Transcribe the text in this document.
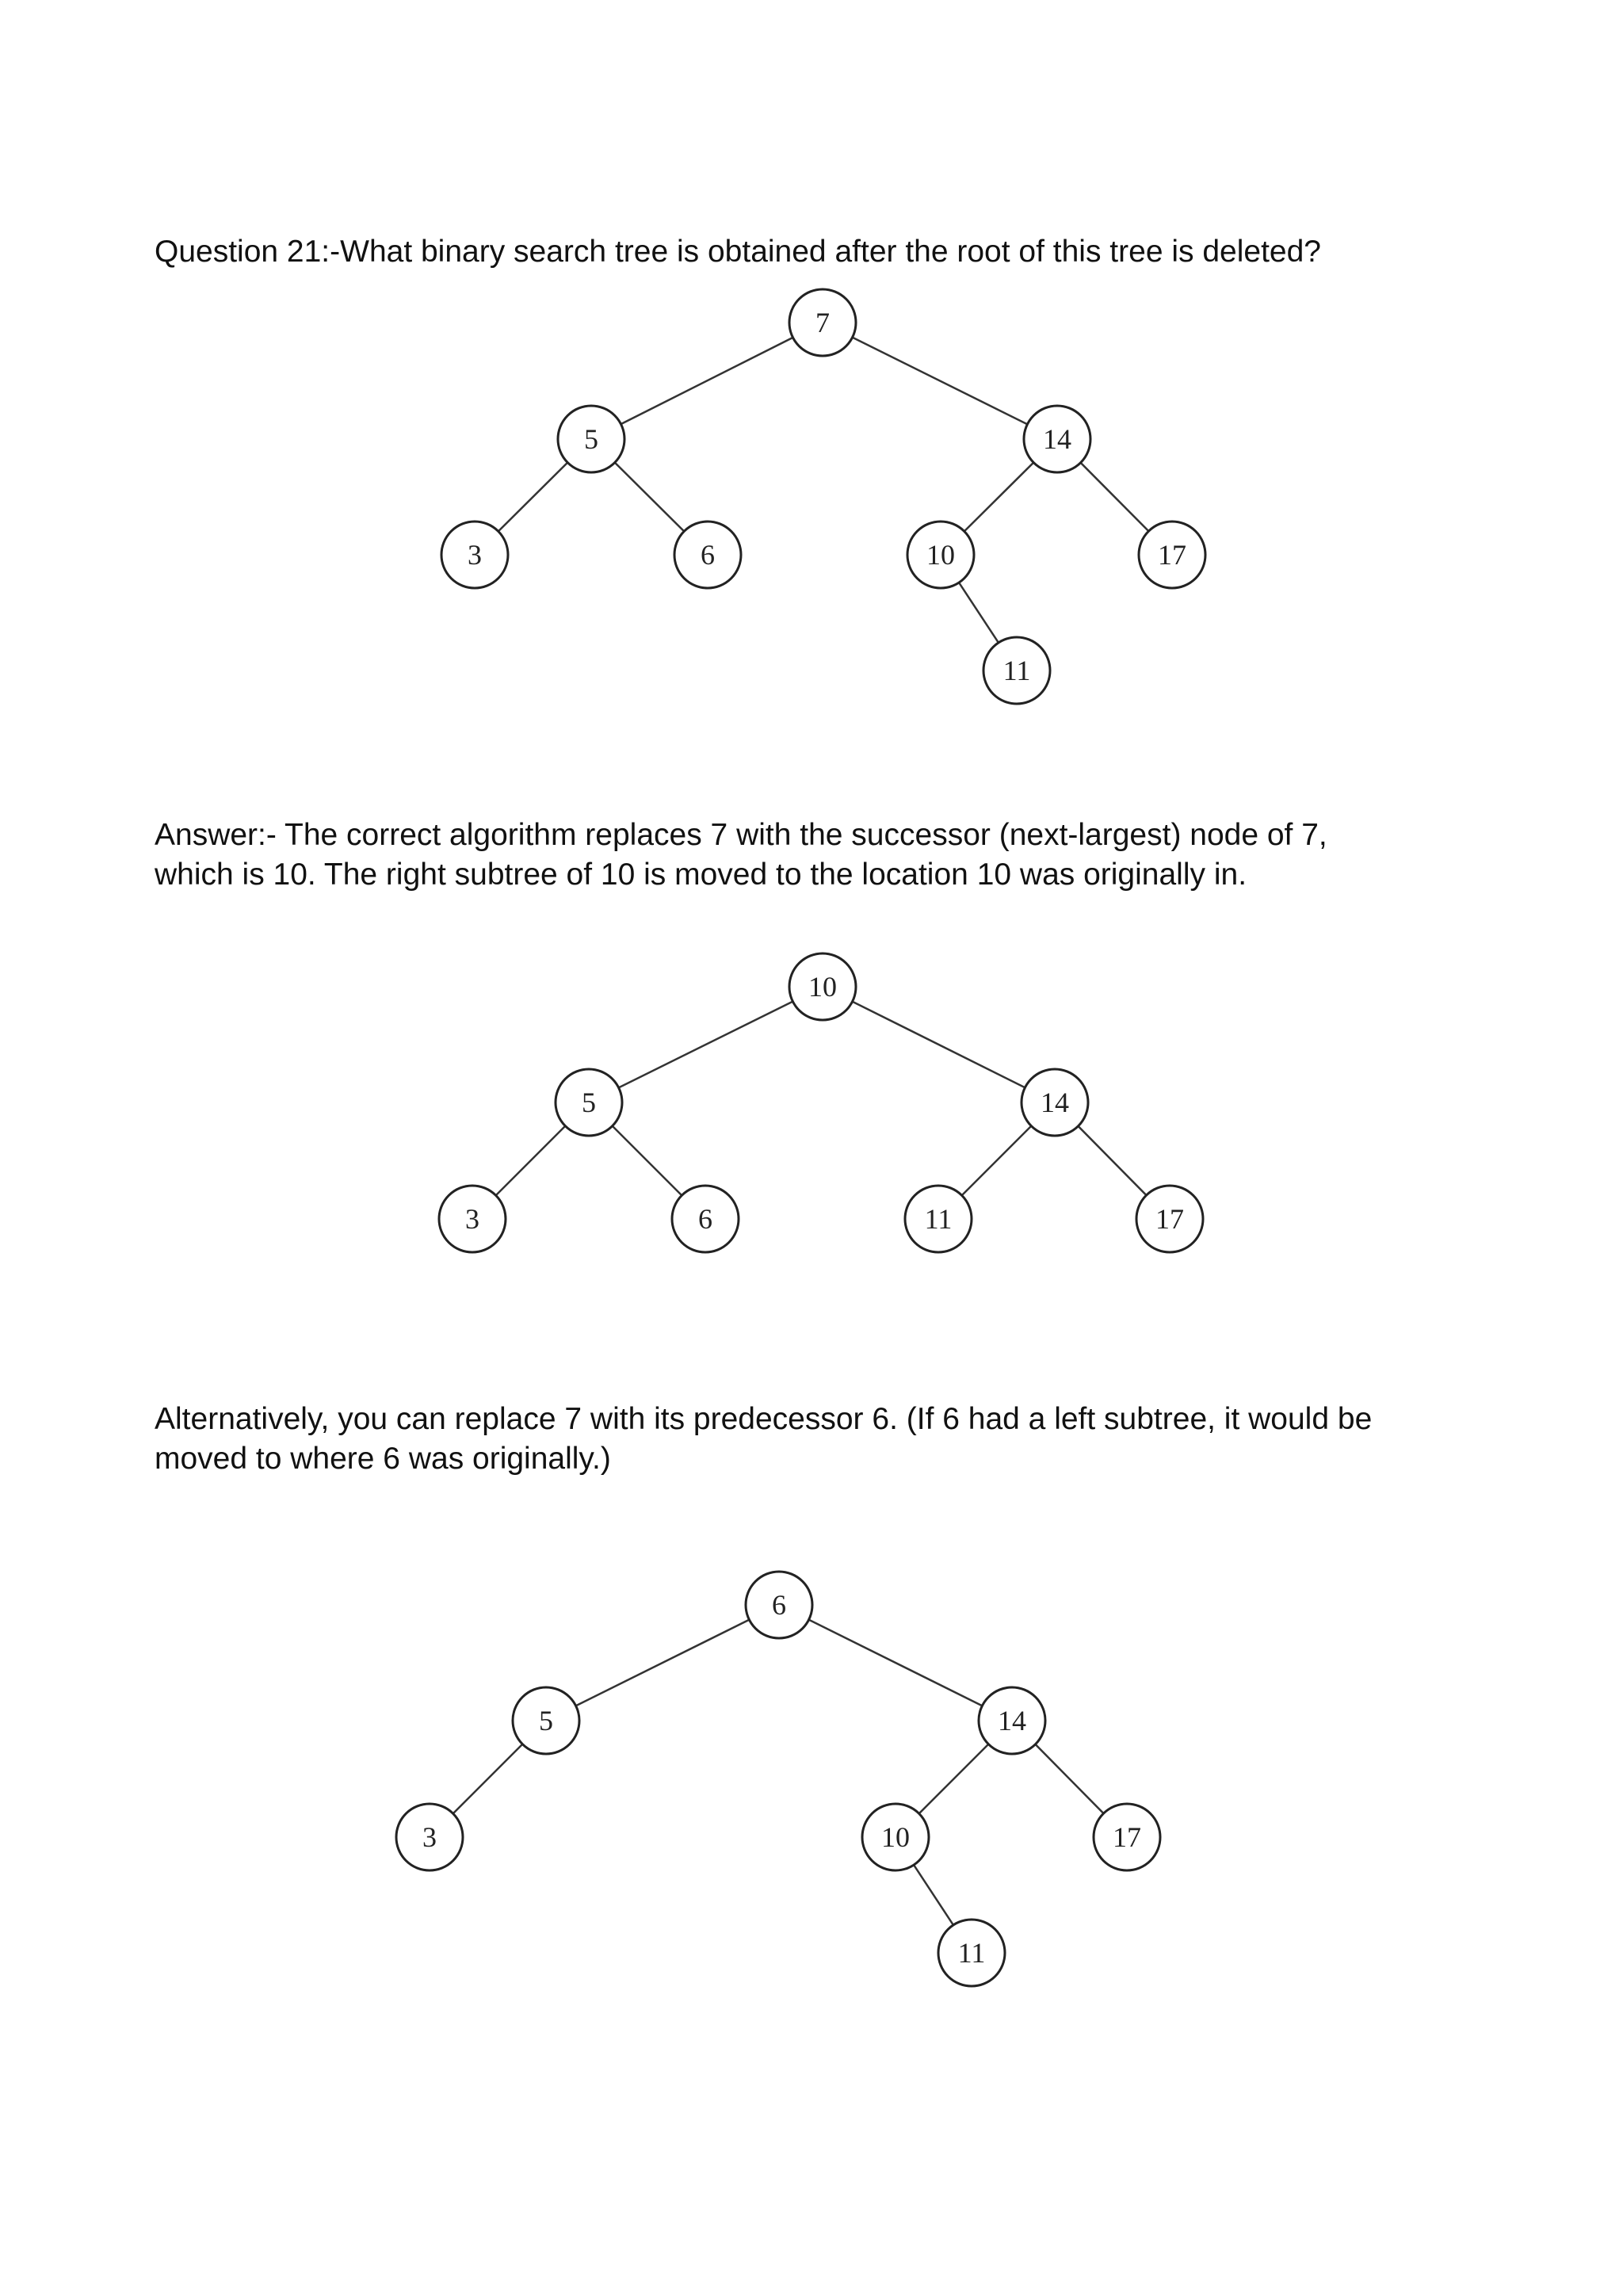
Question 21:-What binary search tree is obtained after the root of this tree is deleted?

7
5	14
3	6	10	17
11

Answer:- The correct algorithm replaces 7 with the successor (next-largest) node of 7,
which is 10. The right subtree of 10 is moved to the location 10 was originally in.

10
5	14
3	6	11	17

Alternatively, you can replace 7 with its predecessor 6. (If 6 had a left subtree, it would be
moved to where 6 was originally.)

6
5	14
3	10	17
11
